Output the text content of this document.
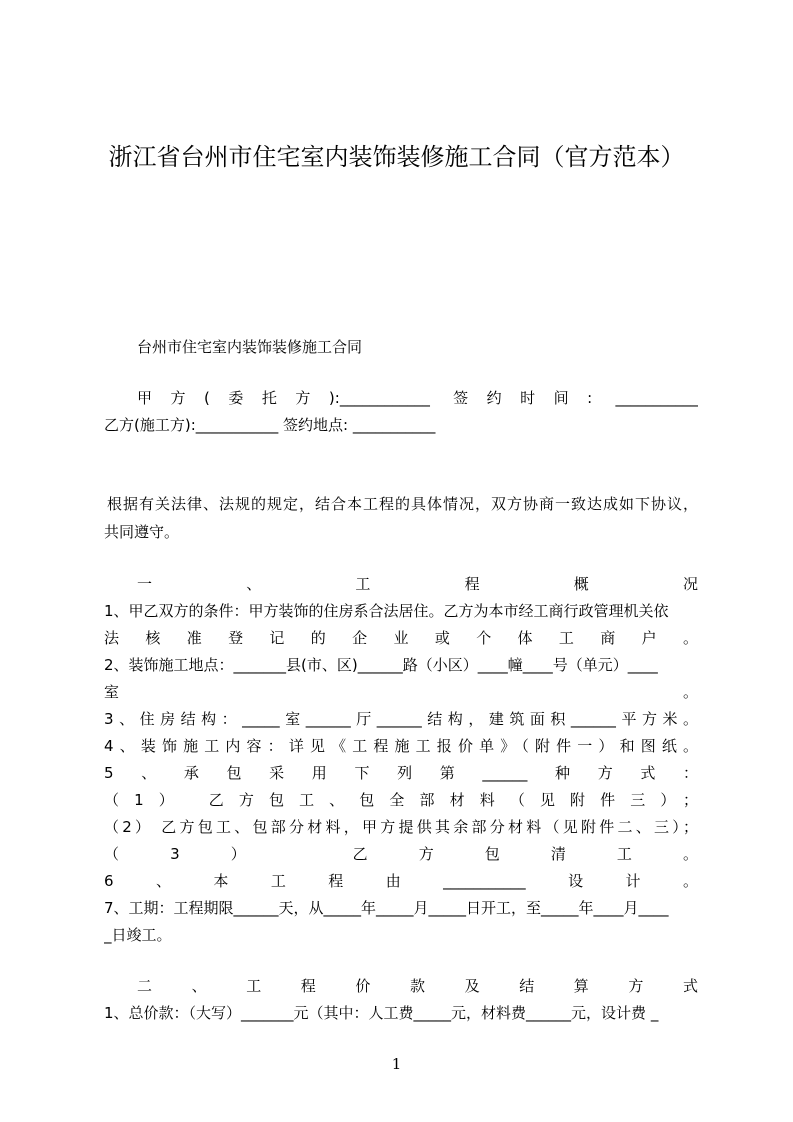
浙江省台州市住宅室内装饰装修施工合同（官方范本）
台州市住宅室内装饰装修施工合同
甲方(委托方):____________ 签约时间: ___________
乙方(施工方):___________ 签约地点: ___________
根据有关法律、法规的规定，结合本工程的具体情况，双方协商一致达成如下协议，
共同遵守。
一、工程概况
1、甲乙双方的条件：甲方装饰的住房系合法居住。乙方为本市经工商行政管理机关依
法核准登记的企业或个体工商户。
2、装饰施工地点：_______县(市、区)______路（小区）____幢____号（单元）____
室 。
3、住房结构：_____室______厅______结构，建筑面积______平方米。
4、装饰施工内容：详见《工程施工报价单》（附件一）和图纸。
5、承包采用下列第______种方式：
（1） 乙方包工、包全部材料（见附件三）；
（2） 乙方包工、包部分材料，甲方提供其余部分材料（见附件二、三）；
（3） 乙方包清工。
6、本工程由___________设计。
7、工期：工程期限______天，从_____年_____月_____日开工，至_____年____月____
_日竣工。
二、工程价款及结算方式
1、总价款：（大写）_______元（其中：人工费_____元，材料费______元，设计费 _
1
